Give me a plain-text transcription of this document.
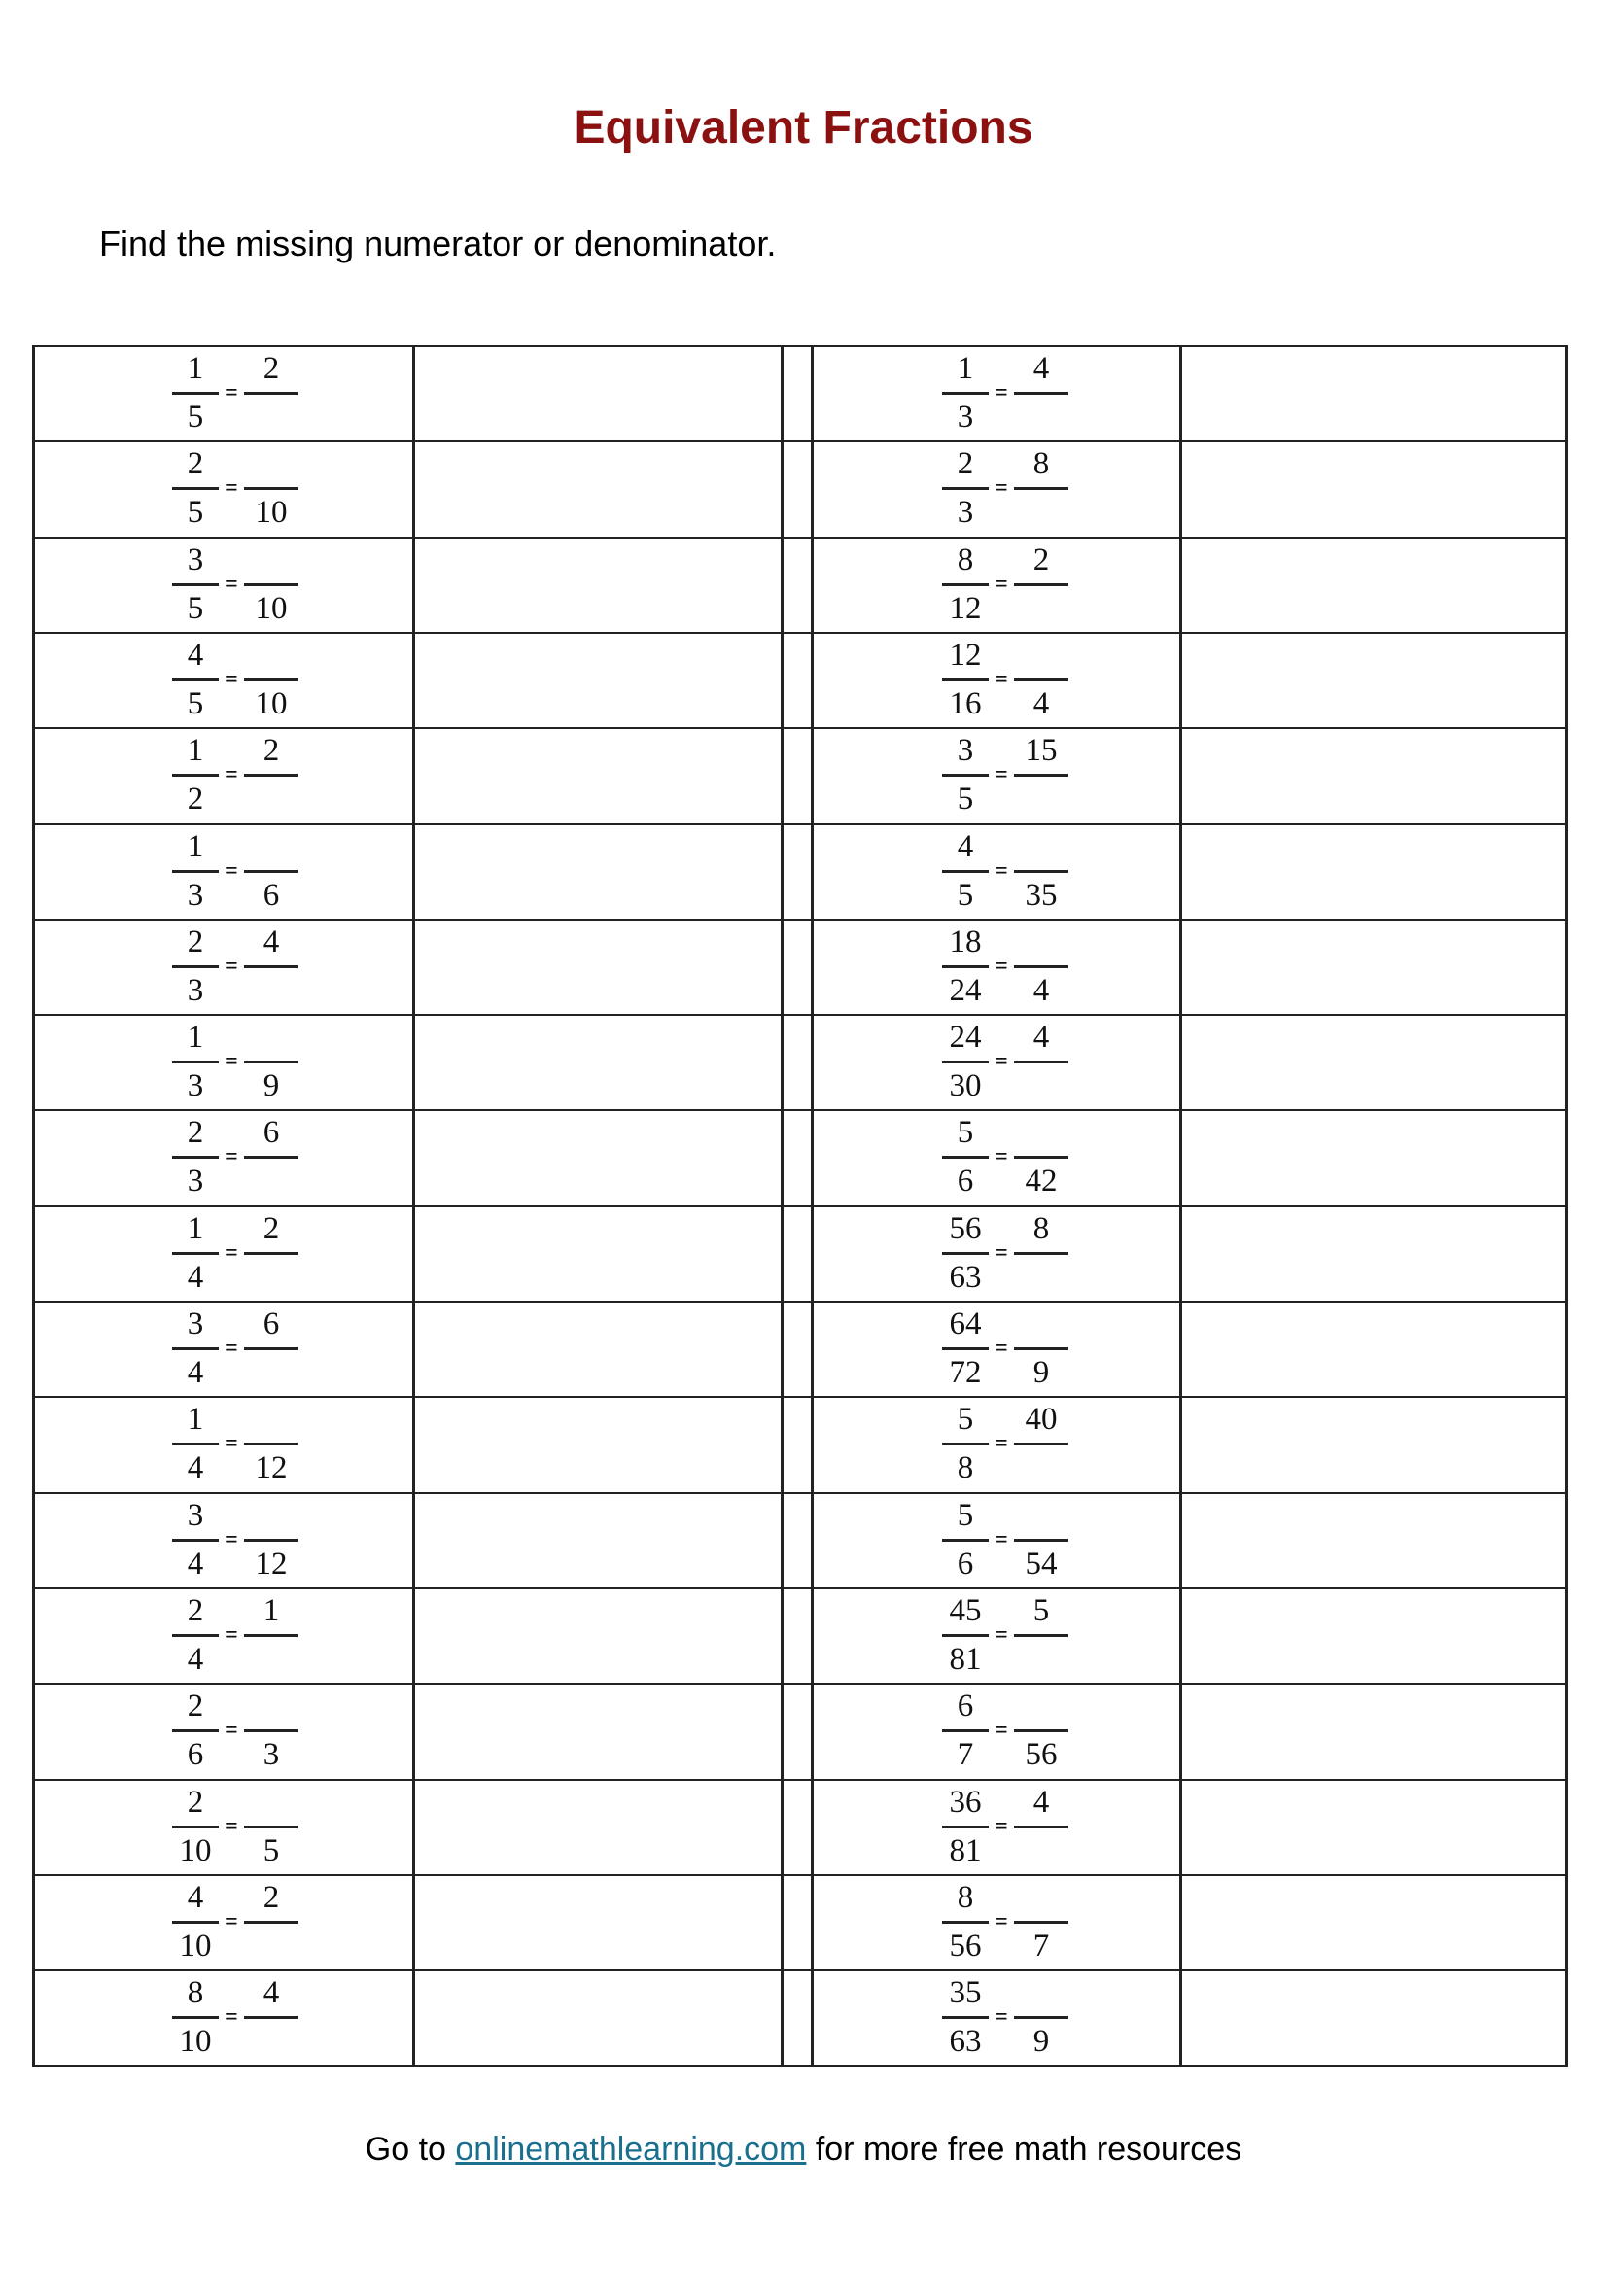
Equivalent Fractions
Find the missing numerator or denominator.
1
5
=
2
2
5
=
10
3
5
=
10
4
5
=
10
1
2
=
2
1
3
=
6
2
3
=
4
1
3
=
9
2
3
=
6
1
4
=
2
3
4
=
6
1
4
=
12
3
4
=
12
2
4
=
1
2
6
=
3
2
10
=
5
4
10
=
2
8
10
=
4
1
3
=
4
2
3
=
8
8
12
=
2
12
16
=
4
3
5
=
15
4
5
=
35
18
24
=
4
24
30
=
4
5
6
=
42
56
63
=
8
64
72
=
9
5
8
=
40
5
6
=
54
45
81
=
5
6
7
=
56
36
81
=
4
8
56
=
7
35
63
=
9
Go to onlinemathlearning.com for more free math resources
